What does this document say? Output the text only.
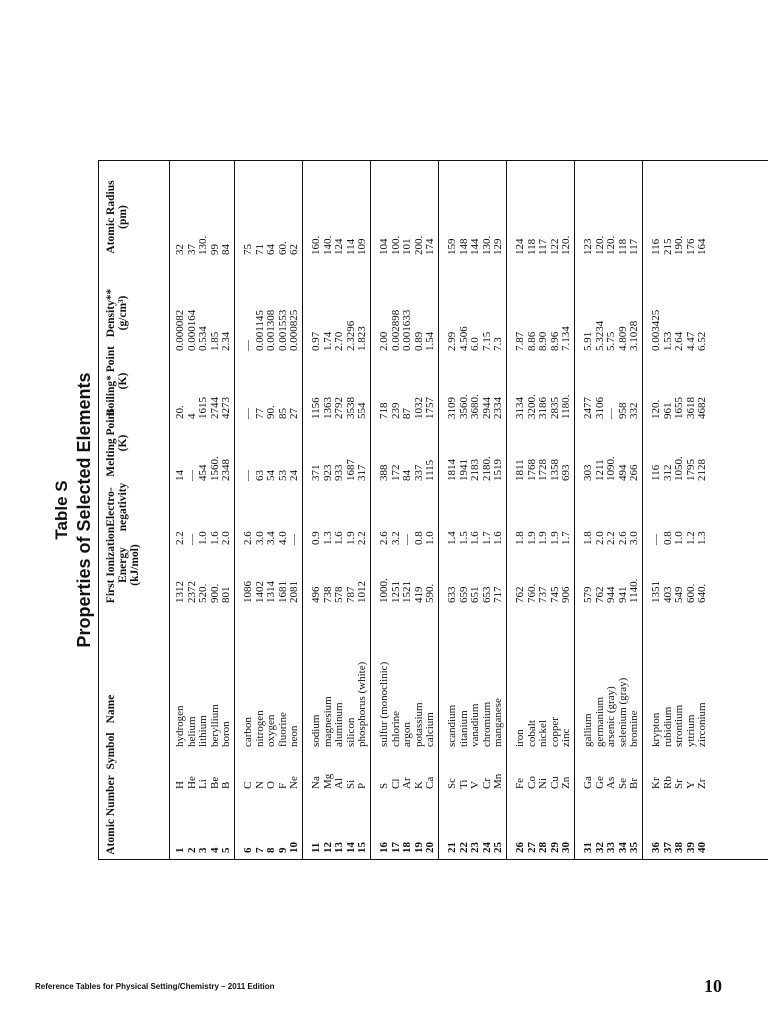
Table S Properties of Selected Elements
Atomic Number
Symbol
Name
First Ionization Energy (kJ/mol)
Electro-negativity
Melting Point (K)
Boiling* Point (K)
Density** (g/cm³)
Atomic Radius (pm)
1
H
hydrogen
1312
2.2
14
20.
0.000082
32
2
He
helium
2372
—
—
4
0.000164
37
3
Li
lithium
520.
1.0
454
1615
0.534
130.
4
Be
beryllium
900.
1.6
1560.
2744
1.85
99
5
B
boron
801
2.0
2348
4273
2.34
84
6
C
carbon
1086
2.6
—
—
—
75
7
N
nitrogen
1402
3.0
63
77
0.001145
71
8
O
oxygen
1314
3.4
54
90.
0.001308
64
9
F
fluorine
1681
4.0
53
85
0.001553
60.
10
Ne
neon
2081
—
24
27
0.000825
62
11
Na
sodium
496
0.9
371
1156
0.97
160.
12
Mg
magnesium
738
1.3
923
1363
1.74
140.
13
Al
aluminum
578
1.6
933
2792
2.70
124
14
Si
silicon
787
1.9
1687
3538
2.3296
114
15
P
phosphorus (white)
1012
2.2
317
554
1.823
109
16
S
sulfur (monoclinic)
1000.
2.6
388
718
2.00
104
17
Cl
chlorine
1251
3.2
172
239
0.002898
100.
18
Ar
argon
1521
—
84
87
0.001633
101
19
K
potassium
419
0.8
337
1032
0.89
200.
20
Ca
calcium
590.
1.0
1115
1757
1.54
174
21
Sc
scandium
633
1.4
1814
3109
2.99
159
22
Ti
titanium
659
1.5
1941
3560.
4.506
148
23
V
vanadium
651
1.6
2183
3680.
6.0
144
24
Cr
chromium
653
1.7
2180.
2944
7.15
130.
25
Mn
manganese
717
1.6
1519
2334
7.3
129
26
Fe
iron
762
1.8
1811
3134
7.87
124
27
Co
cobalt
760.
1.9
1768
3200.
8.86
118
28
Ni
nickel
737
1.9
1728
3186
8.90
117
29
Cu
copper
745
1.9
1358
2835
8.96
122
30
Zn
zinc
906
1.7
693
1180.
7.134
120.
31
Ga
gallium
579
1.8
303
2477
5.91
123
32
Ge
germanium
762
2.0
1211
3106
5.3234
120.
33
As
arsenic (gray)
944
2.2
1090.
—
5.75
120.
34
Se
selenium (gray)
941
2.6
494
958
4.809
118
35
Br
bromine
1140.
3.0
266
332
3.1028
117
36
Kr
krypton
1351
—
116
120.
0.003425
116
37
Rb
rubidium
403
0.8
312
961
1.53
215
38
Sr
strontium
549
1.0
1050.
1655
2.64
190.
39
Y
yttrium
600.
1.2
1795
3618
4.47
176
40
Zr
zirconium
640.
1.3
2128
4682
6.52
164
Reference Tables for Physical Setting/Chemistry – 2011 Edition	10
